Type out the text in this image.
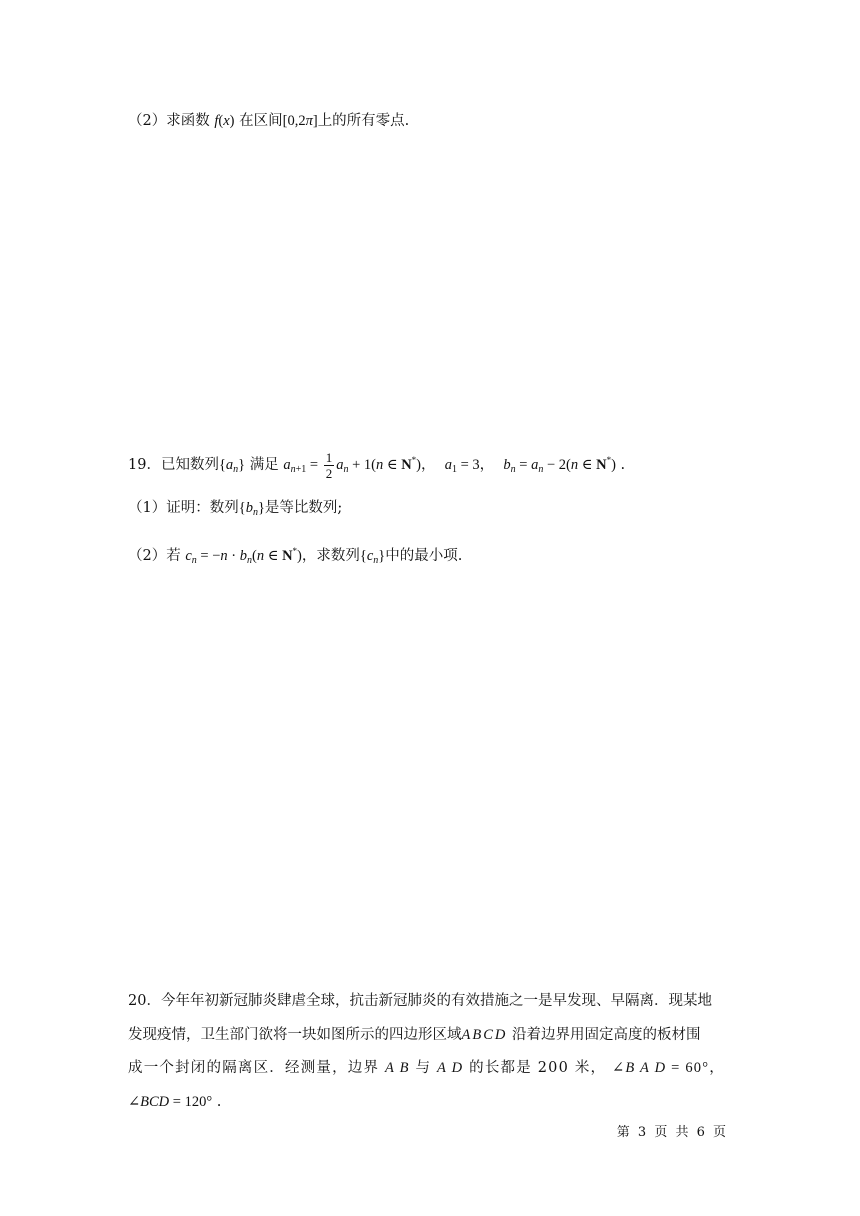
（2）求函数 f(x) 在区间[0,2π]上的所有零点.
19．已知数列$\{a_n\}$ 满足 $a_{n+1} = \frac{1}{2} a_n + 1(n$ ∈ N*)， $a_1 = 3$， $b_n = a_n - 2(n$ ∈ N*) .
（1）证明：数列$\{b_n\}$是等比数列;
（2）若 $c_n = -n \cdot b_n(n$ ∈ N*)，求数列$\{c_n\}$中的最小项.
20．今年年初新冠肺炎肆虐全球，抗击新冠肺炎的有效措施之一是早发现、早隔离．现某地
发现疫情，卫生部门欲将一块如图所示的四边形区域ABCD 沿着边界用固定高度的板材围
成一个封闭的隔离区．经测量，边界 A B 与 A D 的长都是 200 米， ∠B A D = 60°，
∠BCD = 120° .
第 3 页 共 6 页
